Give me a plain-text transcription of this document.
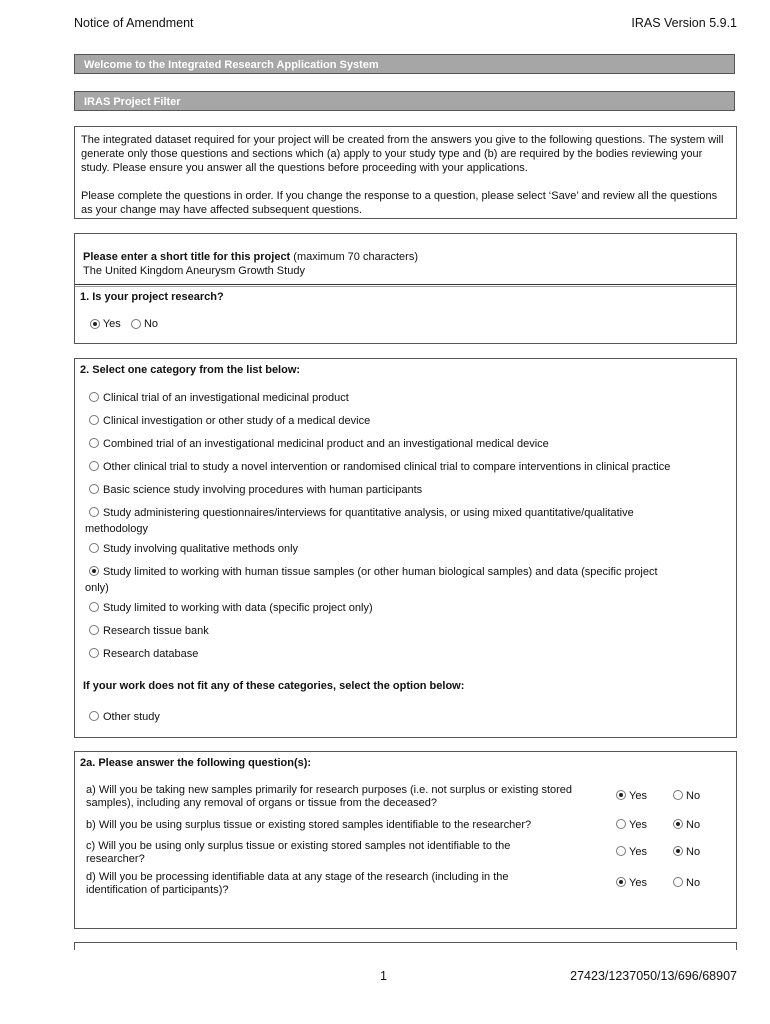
Notice of Amendment	IRAS Version 5.9.1
Welcome to the Integrated Research Application System
IRAS Project Filter

The integrated dataset required for your project will be created from the answers you give to the following questions. The system will generate only those questions and sections which (a) apply to your study type and (b) are required by the bodies reviewing your study. Please ensure you answer all the questions before proceeding with your applications.

Please complete the questions in order. If you change the response to a question, please select ‘Save’ and review all the questions as your change may have affected subsequent questions.

Please enter a short title for this project (maximum 70 characters)
The United Kingdom Aneurysm Growth Study
1. Is your project research?
Yes No
2. Select one category from the list below:
Clinical trial of an investigational medicinal product
Clinical investigation or other study of a medical device
Combined trial of an investigational medicinal product and an investigational medical device
Other clinical trial to study a novel intervention or randomised clinical trial to compare interventions in clinical practice
Basic science study involving procedures with human participants
Study administering questionnaires/interviews for quantitative analysis, or using mixed quantitative/qualitative
methodology
Study involving qualitative methods only
Study limited to working with human tissue samples (or other human biological samples) and data (specific project
only)
Study limited to working with data (specific project only)
Research tissue bank
Research database
If your work does not fit any of these categories, select the option below:
Other study
2a. Please answer the following question(s):
a) Will you be taking new samples primarily for research purposes (i.e. not surplus or existing stored samples), including any removal of organs or tissue from the deceased?
Yes	No
b) Will you be using surplus tissue or existing stored samples identifiable to the researcher?	Yes	No
c) Will you be using only surplus tissue or existing stored samples not identifiable to the researcher?
Yes	No
d) Will you be processing identifiable data at any stage of the research (including in the identification of participants)?
Yes	No
1	27423/1237050/13/696/68907
